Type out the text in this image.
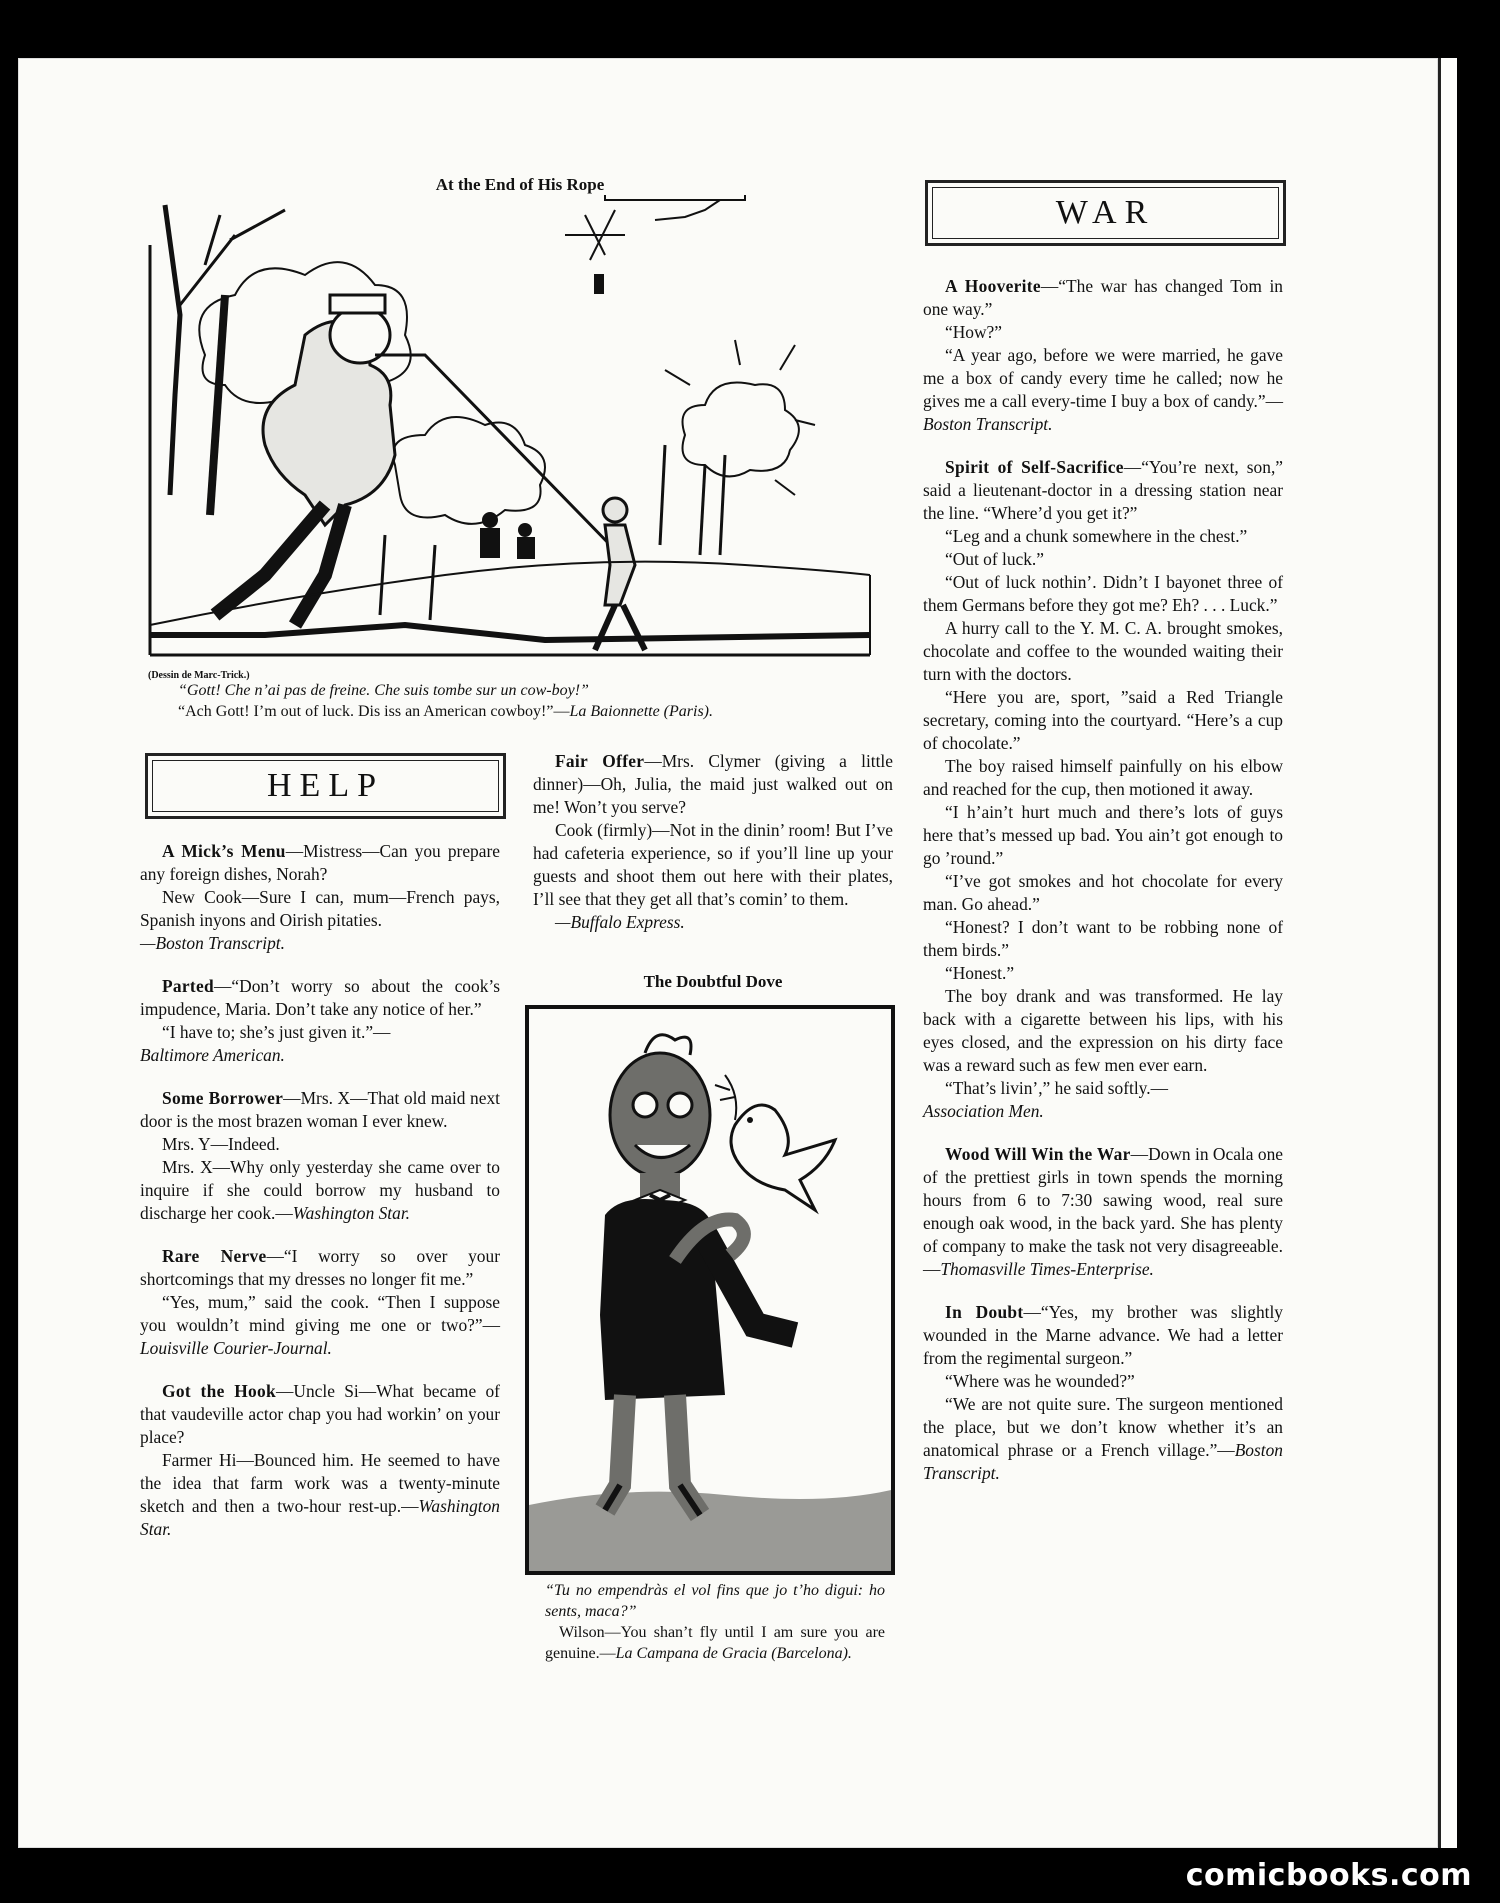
At the End of His Rope
(Dessin de Marc-Trick.)
“Gott! Che n’ai pas de freine. Che suis tombe sur un cow-boy!”
“Ach Gott! I’m out of luck. Dis iss an American cowboy!”—La Baionnette (Paris).
WAR
HELP

A Mick’s Menu—Mistress—Can you prepare any foreign dishes, Norah?

New Cook—Sure I can, mum—French pays, Spanish inyons and Oirish pitaties.

—Boston Transcript.

Parted—“Don’t worry so about the cook’s impudence, Maria. Don’t take any notice of her.”

“I have to; she’s just given it.”—

Baltimore American.

Some Borrower—Mrs. X—That old maid next door is the most brazen woman I ever knew.

Mrs. Y—Indeed.

Mrs. X—Why only yesterday she came over to inquire if she could borrow my husband to discharge her cook.—Washington Star.

Rare Nerve—“I worry so over your shortcomings that my dresses no longer fit me.”

“Yes, mum,” said the cook. “Then I suppose you wouldn’t mind giving me one or two?”—Louisville Courier-Journal.

Got the Hook—Uncle Si—What became of that vaudeville actor chap you had workin’ on your place?

Farmer Hi—Bounced him. He seemed to have the idea that farm work was a twenty-minute sketch and then a two-hour rest-up.—Washington Star.

Fair Offer—Mrs. Clymer (giving a little dinner)—Oh, Julia, the maid just walked out on me! Won’t you serve?

Cook (firmly)—Not in the dinin’ room! But I’ve had cafeteria experience, so if you’ll line up your guests and shoot them out here with their plates, I’ll see that they get all that’s comin’ to them.

—Buffalo Express.

The Doubtful Dove
“Tu no empendràs el vol fins que jo t’ho digui: ho sents, maca?”
Wilson—You shan’t fly until I am sure you are genuine.—La Campana de Gracia (Barcelona).

A Hooverite—“The war has changed Tom in one way.”

“How?”

“A year ago, before we were married, he gave me a box of candy every time he called; now he gives me a call every-time I buy a box of candy.”—Boston Transcript.

Spirit of Self-Sacrifice—“You’re next, son,” said a lieutenant-doctor in a dressing station near the line. “Where’d you get it?”

“Leg and a chunk somewhere in the chest.”

“Out of luck.”

“Out of luck nothin’. Didn’t I bayonet three of them Germans before they got me? Eh? . . . Luck.”

A hurry call to the Y. M. C. A. brought smokes, chocolate and coffee to the wounded waiting their turn with the doctors.

“Here you are, sport, ”said a Red Triangle secretary, coming into the courtyard. “Here’s a cup of chocolate.”

The boy raised himself painfully on his elbow and reached for the cup, then motioned it away.

“I h’ain’t hurt much and there’s lots of guys here that’s messed up bad. You ain’t got enough to go ’round.”

“I’ve got smokes and hot chocolate for every man. Go ahead.”

“Honest? I don’t want to be robbing none of them birds.”

“Honest.”

The boy drank and was transformed. He lay back with a cigarette between his lips, with his eyes closed, and the expression on his dirty face was a reward such as few men ever earn.

“That’s livin’,” he said softly.—

Association Men.

Wood Will Win the War—Down in Ocala one of the prettiest girls in town spends the morning hours from 6 to 7:30 sawing wood, real sure enough oak wood, in the back yard. She has plenty of company to make the task not very disagreeable.—Thomasville Times-Enterprise.

In Doubt—“Yes, my brother was slightly wounded in the Marne advance. We had a letter from the regimental surgeon.”

“Where was he wounded?”

“We are not quite sure. The surgeon mentioned the place, but we don’t know whether it’s an anatomical phrase or a French village.”—Boston Transcript.

comicbooks.com
